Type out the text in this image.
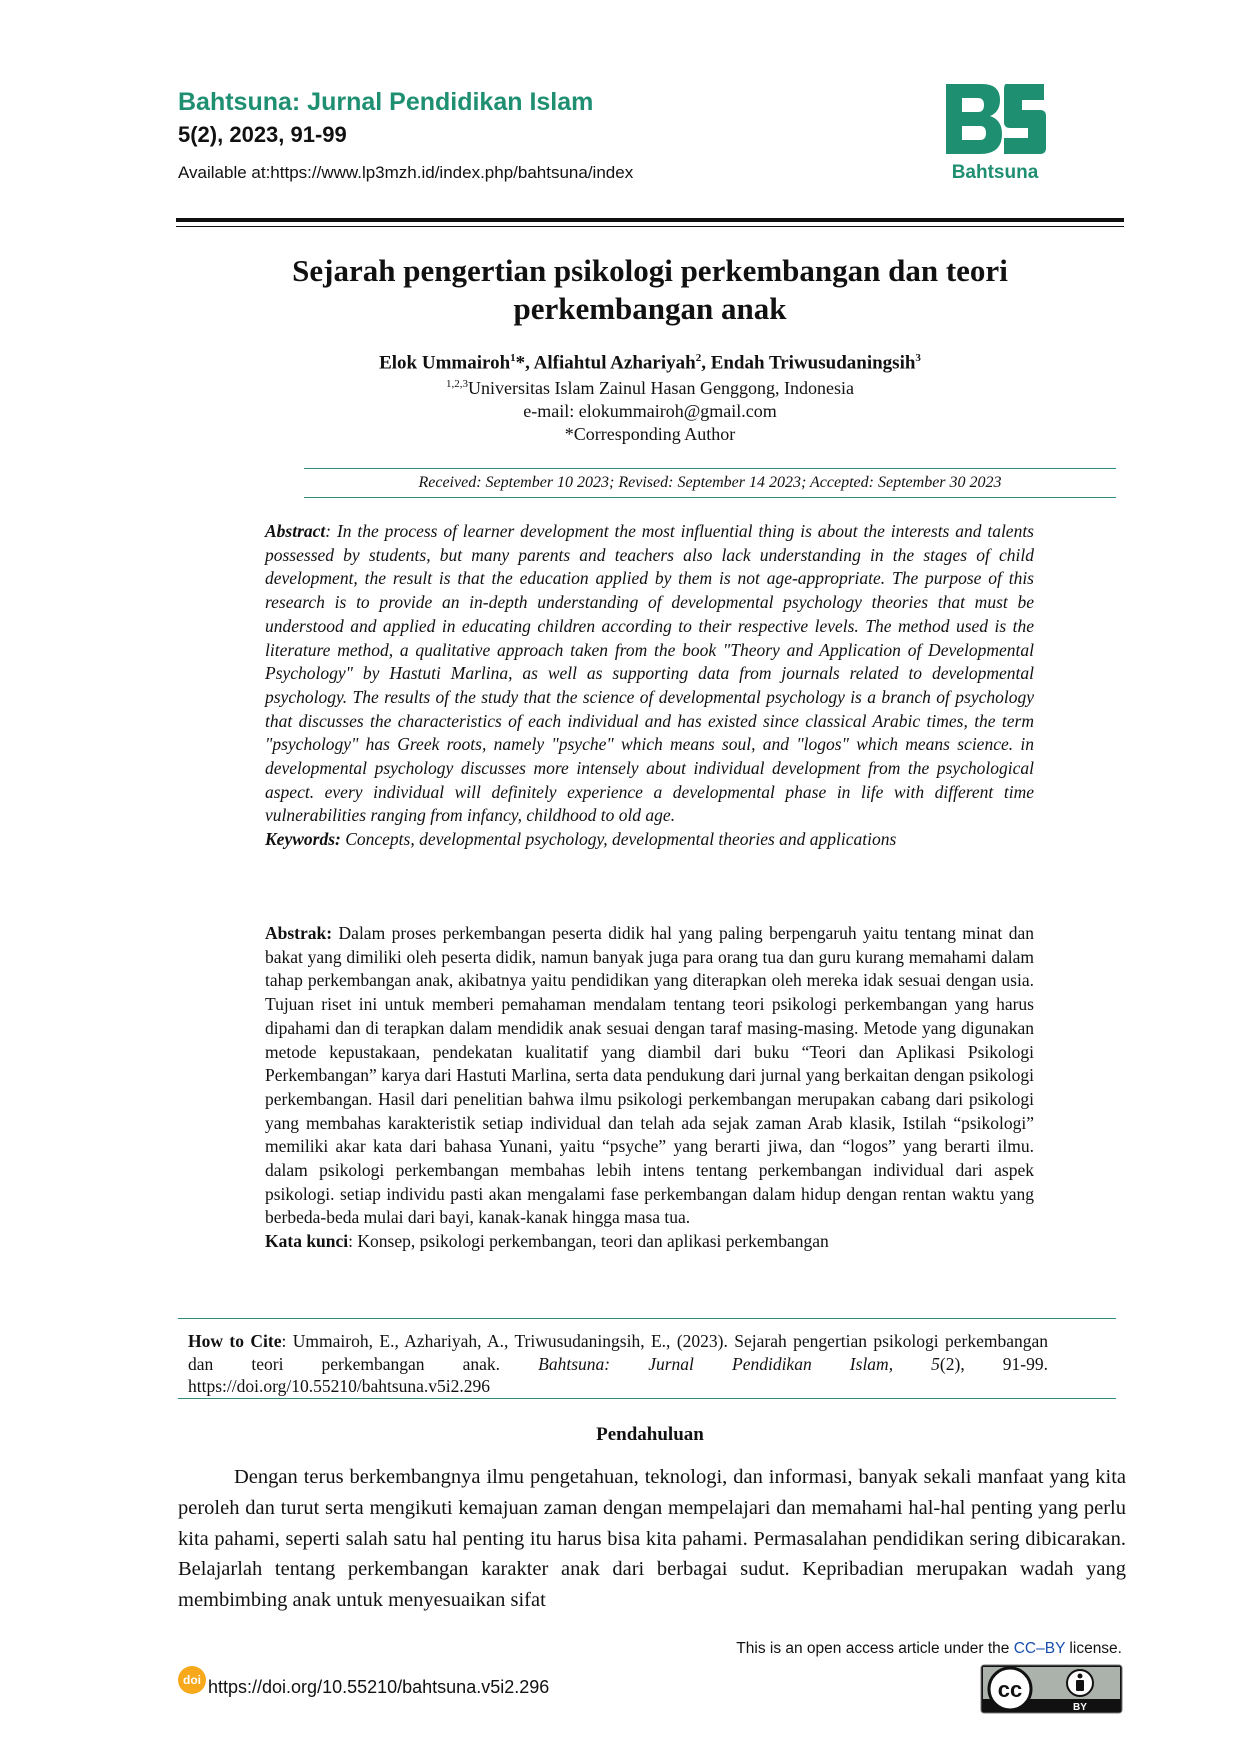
Bahtsuna: Jurnal Pendidikan Islam
5(2), 2023, 91-99
Available at:https://www.lp3mzh.id/index.php/bahtsuna/index	Bahtsuna
Sejarah pengertian psikologi perkembangan dan teori perkembangan anak
Elok Ummairoh$^1$*, Alfiahtul Azhariyah$^2$, Endah Triwusudaningsih$^3$
$^{1,2,3}$Universitas Islam Zainul Hasan Genggong, Indonesia
e-mail: elokummairoh@gmail.com
*Corresponding Author
Received: September 10 2023; Revised: September 14 2023; Accepted: September 30 2023
Abstract: In the process of learner development the most influential thing is about the interests and talents possessed by students, but many parents and teachers also lack understanding in the stages of child development, the result is that the education applied by them is not age-appropriate. The purpose of this research is to provide an in-depth understanding of developmental psychology theories that must be understood and applied in educating children according to their respective levels. The method used is the literature method, a qualitative approach taken from the book "Theory and Application of Developmental Psychology" by Hastuti Marlina, as well as supporting data from journals related to developmental psychology. The results of the study that the science of developmental psychology is a branch of psychology that discusses the characteristics of each individual and has existed since classical Arabic times, the term "psychology" has Greek roots, namely "psyche" which means soul, and "logos" which means science. in developmental psychology discusses more intensely about individual development from the psychological aspect. every individual will definitely experience a developmental phase in life with different time vulnerabilities ranging from infancy, childhood to old age.
Keywords: Concepts, developmental psychology, developmental theories and applications
Abstrak: Dalam proses perkembangan peserta didik hal yang paling berpengaruh yaitu tentang minat dan bakat yang dimiliki oleh peserta didik, namun banyak juga para orang tua dan guru kurang memahami dalam tahap perkembangan anak, akibatnya yaitu pendidikan yang diterapkan oleh mereka idak sesuai dengan usia. Tujuan riset ini untuk memberi pemahaman mendalam tentang teori psikologi perkembangan yang harus dipahami dan di terapkan dalam mendidik anak sesuai dengan taraf masing-masing. Metode yang digunakan metode kepustakaan, pendekatan kualitatif yang diambil dari buku “Teori dan Aplikasi Psikologi Perkembangan” karya dari Hastuti Marlina, serta data pendukung dari jurnal yang berkaitan dengan psikologi perkembangan. Hasil dari penelitian bahwa ilmu psikologi perkembangan merupakan cabang dari psikologi yang membahas karakteristik setiap individual dan telah ada sejak zaman Arab klasik, Istilah “psikologi” memiliki akar kata dari bahasa Yunani, yaitu “psyche” yang berarti jiwa, dan “logos” yang berarti ilmu. dalam psikologi perkembangan membahas lebih intens tentang perkembangan individual dari aspek psikologi. setiap individu pasti akan mengalami fase perkembangan dalam hidup dengan rentan waktu yang berbeda-beda mulai dari bayi, kanak-kanak hingga masa tua.
Kata kunci: Konsep, psikologi perkembangan, teori dan aplikasi perkembangan
How to Cite: Ummairoh, E., Azhariyah, A., Triwusudaningsih, E., (2023). Sejarah pengertian psikologi perkembangan dan teori perkembangan anak. Bahtsuna: Jurnal Pendidikan Islam, 5(2), 91-99. https://doi.org/10.55210/bahtsuna.v5i2.296
Pendahuluan
Dengan terus berkembangnya ilmu pengetahuan, teknologi, dan informasi, banyak sekali manfaat yang kita peroleh dan turut serta mengikuti kemajuan zaman dengan mempelajari dan memahami hal-hal penting yang perlu kita pahami, seperti salah satu hal penting itu harus bisa kita pahami. Permasalahan pendidikan sering dibicarakan. Belajarlah tentang perkembangan karakter anak dari berbagai sudut. Kepribadian merupakan wadah yang membimbing anak untuk menyesuaikan sifat
This is an open access article under the CC–BY license.
doi https://doi.org/10.55210/bahtsuna.v5i2.296	cc
BY
